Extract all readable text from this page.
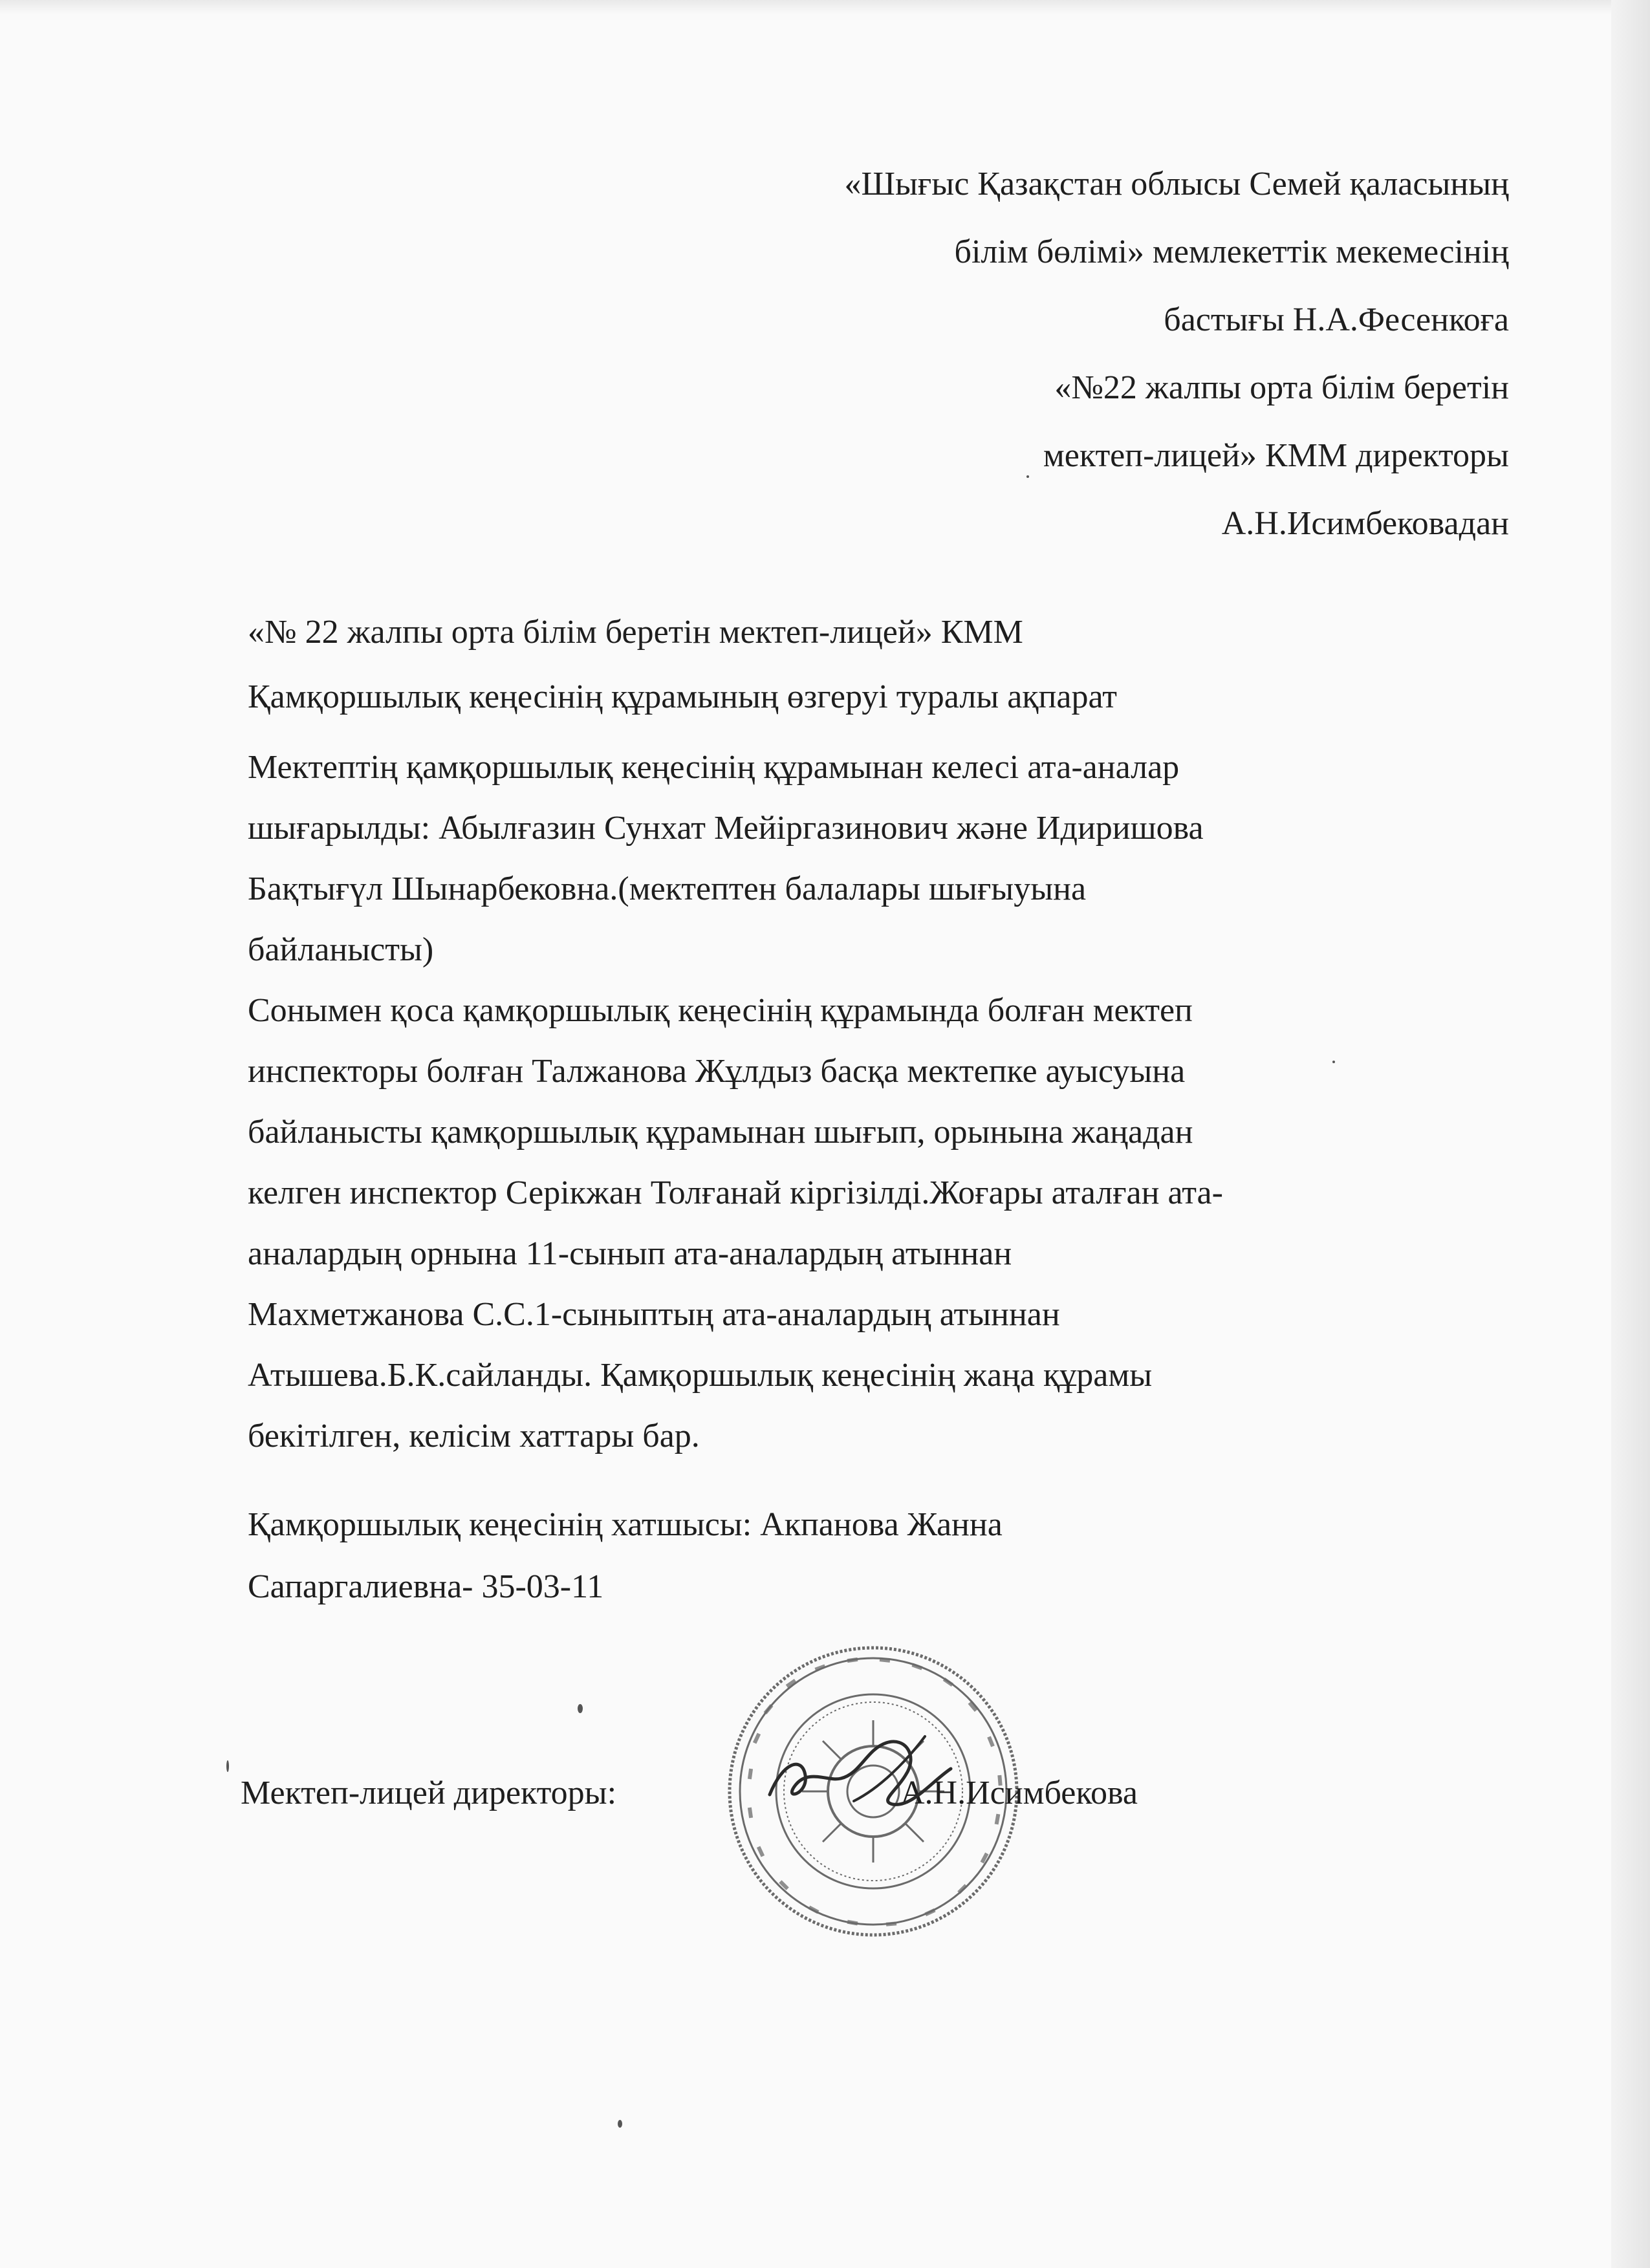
«Шығыс Қазақстан облысы Семей қаласының
білім бөлімі» мемлекеттік мекемесінің
бастығы Н.А.Фесенкоға
«№22 жалпы орта білім беретін
мектеп-лицей» КММ директоры
А.Н.Исимбековадан
«№ 22 жалпы орта білім беретін мектеп-лицей» КММ
Қамқоршылық кеңесінің құрамының өзгеруі туралы ақпарат
Мектептің қамқоршылық кеңесінің құрамынан келесі ата-аналар
шығарылды: Абылғазин Сунхат Мейіргазинович және Идиришова
Бақтығүл Шынарбековна.(мектептен балалары шығыуына
байланысты)
Сонымен қоса қамқоршылық кеңесінің құрамында болған мектеп
инспекторы болған Талжанова Жұлдыз басқа мектепке ауысуына
байланысты қамқоршылық құрамынан шығып, орынына жаңадан
келген инспектор Серікжан Толғанай кіргізілді.Жоғары аталған ата-
аналардың орнына 11-сынып ата-аналардың атыннан
Махметжанова С.С.1-сыныптың ата-аналардың атыннан
Атышева.Б.К.сайланды. Қамқоршылық кеңесінің жаңа құрамы
бекітілген, келісім хаттары бар.
Қамқоршылық кеңесінің хатшысы: Акпанова Жанна
Сапаргалиевна- 35-03-11
Мектеп-лицей директоры:	А.Н.Исимбекова
